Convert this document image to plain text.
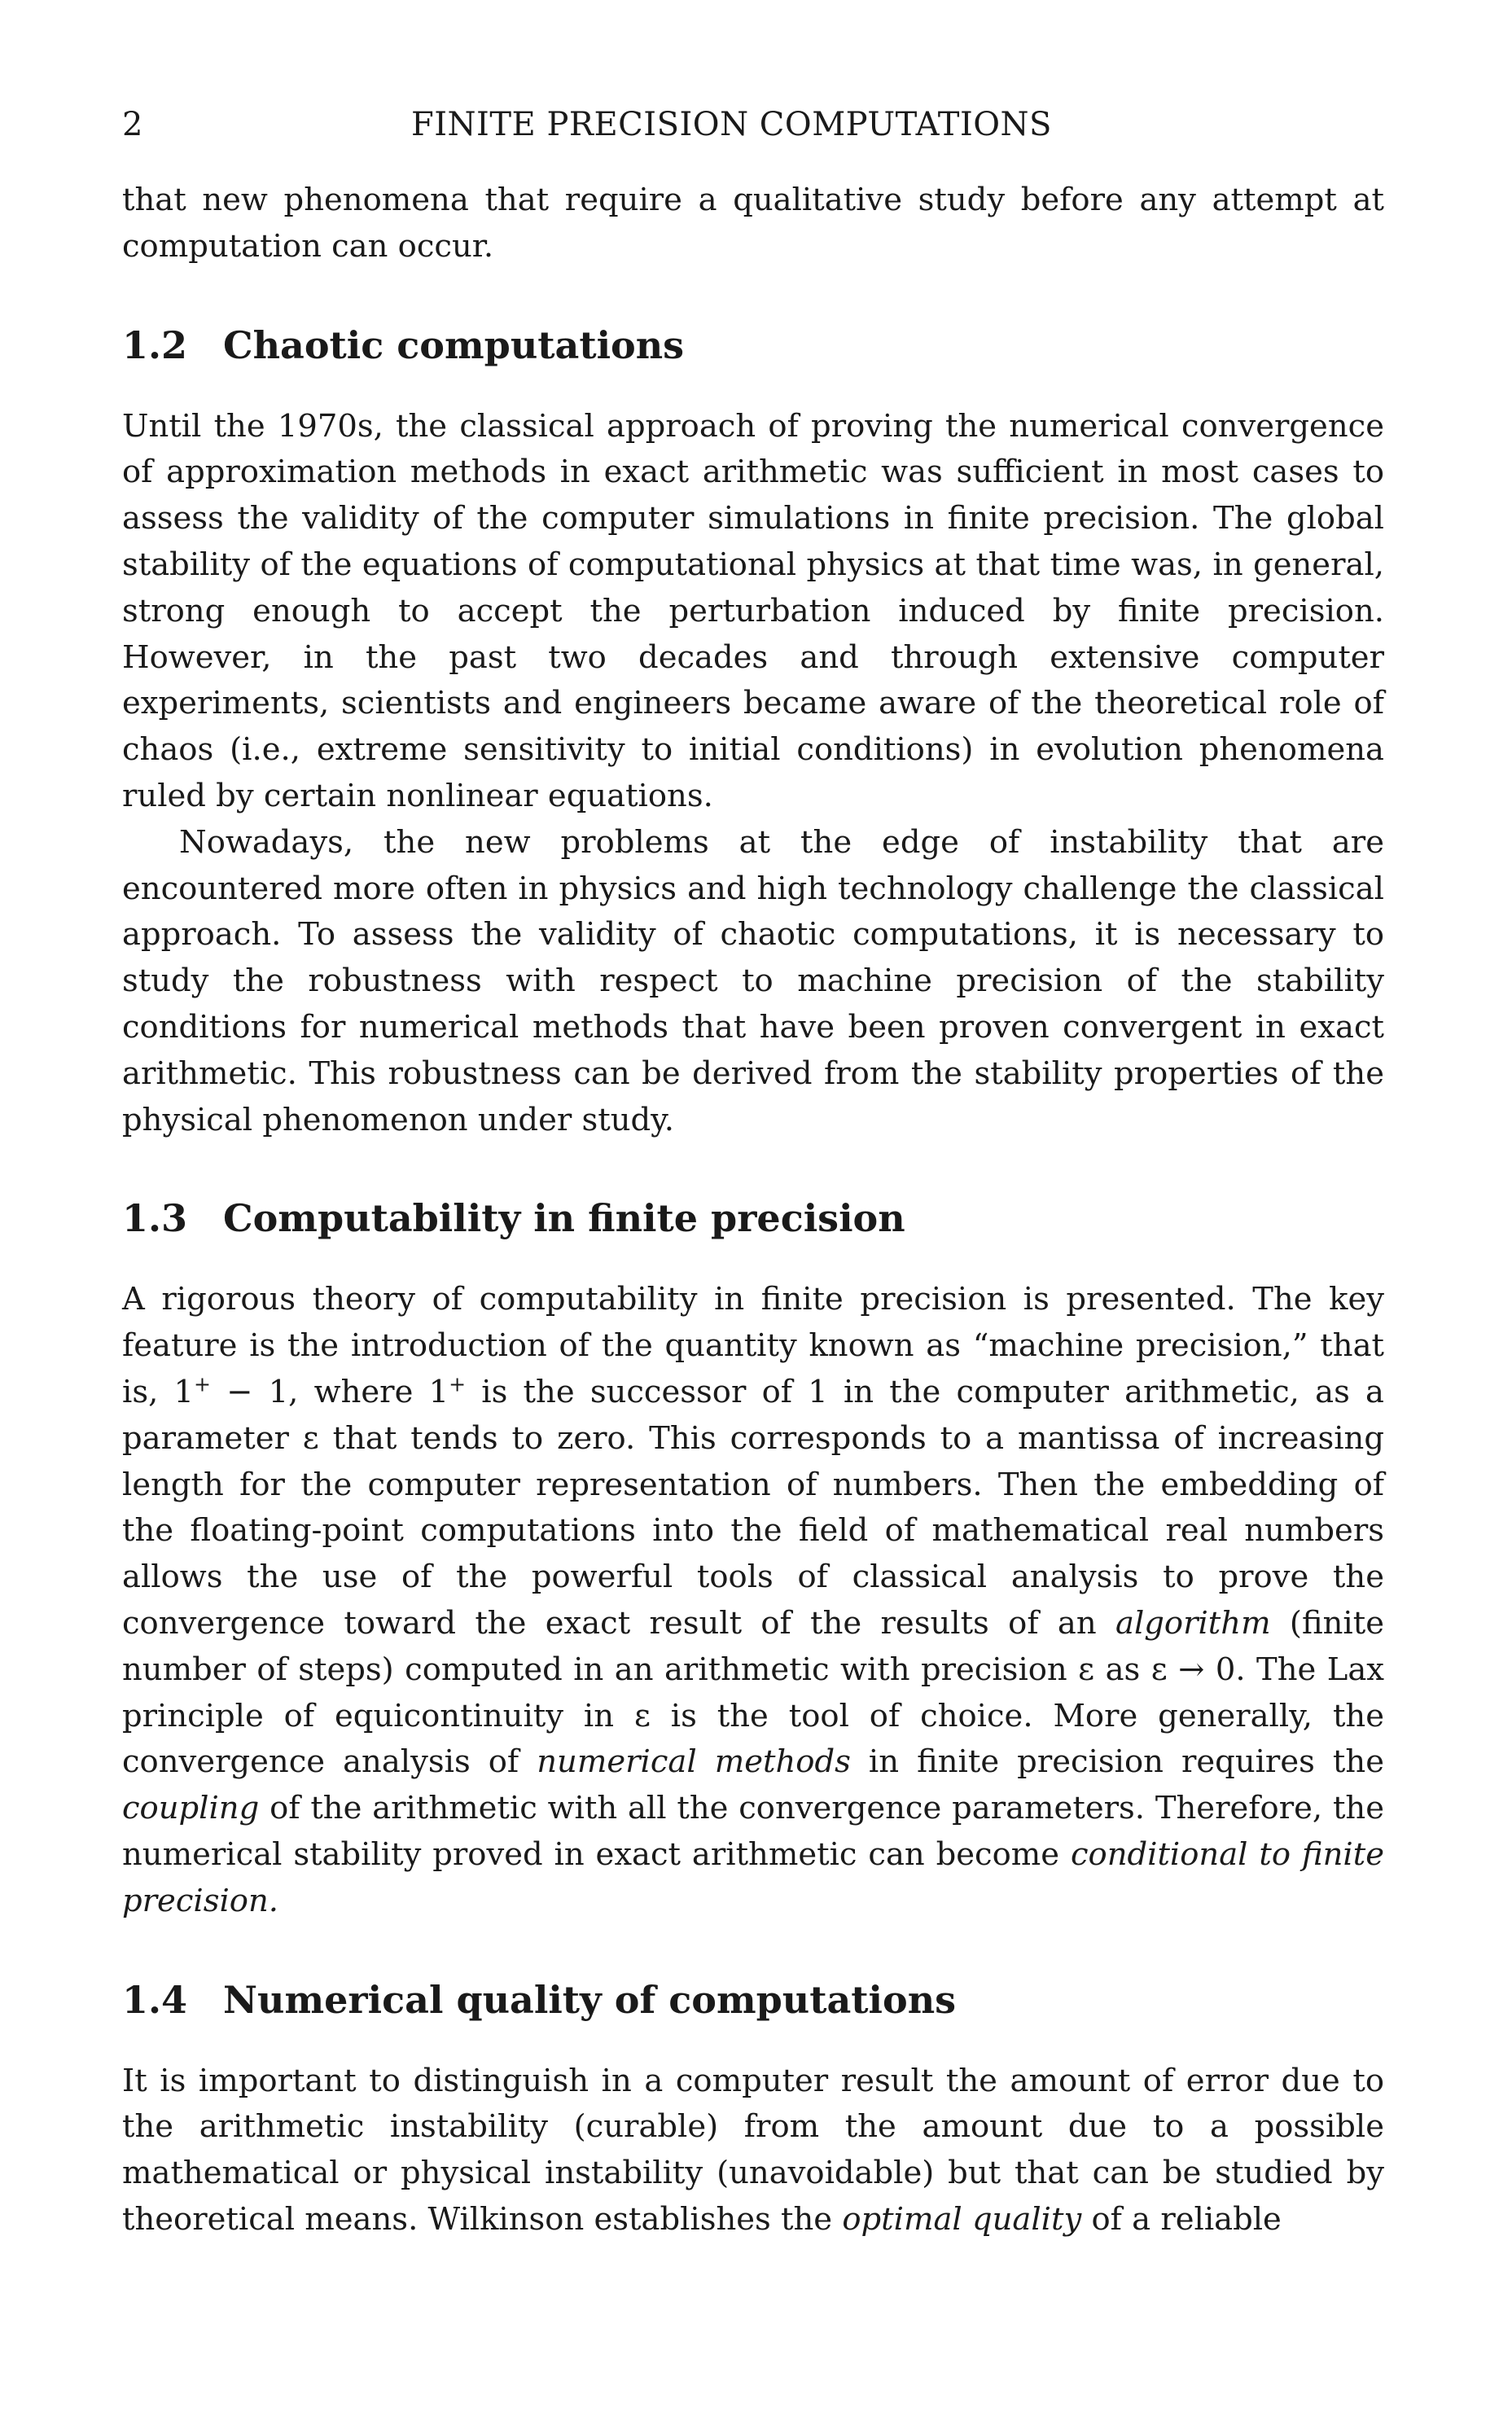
2	FINITE PRECISION COMPUTATIONS

that new phenomena that require a qualitative study before any attempt at computation can occur.

1.2 Chaotic computations

Until the 1970s, the classical approach of proving the numerical convergence of approximation methods in exact arithmetic was sufficient in most cases to assess the validity of the computer simulations in finite precision. The global stability of the equations of computational physics at that time was, in general, strong enough to accept the perturbation induced by finite precision. However, in the past two decades and through extensive computer experiments, scientists and engineers became aware of the theoretical role of chaos (i.e., extreme sensitivity to initial conditions) in evolution phenomena ruled by certain nonlinear equations.

Nowadays, the new problems at the edge of instability that are encountered more often in physics and high technology challenge the classical approach. To assess the validity of chaotic computations, it is necessary to study the robustness with respect to machine precision of the stability conditions for numerical methods that have been proven convergent in exact arithmetic. This robustness can be derived from the stability properties of the physical phenomenon under study.

1.3 Computability in finite precision

A rigorous theory of computability in finite precision is presented. The key feature is the introduction of the quantity known as “machine precision,” that is, 1+ − 1, where 1+ is the successor of 1 in the computer arithmetic, as a parameter ε that tends to zero. This corresponds to a mantissa of increasing length for the computer representation of numbers. Then the embedding of the floating-point computations into the field of mathematical real numbers allows the use of the powerful tools of classical analysis to prove the convergence toward the exact result of the results of an algorithm (finite number of steps) computed in an arithmetic with precision ε as ε → 0. The Lax principle of equicontinuity in ε is the tool of choice. More generally, the convergence analysis of numerical methods in finite precision requires the coupling of the arithmetic with all the convergence parameters. Therefore, the numerical stability proved in exact arithmetic can become conditional to finite precision.

1.4 Numerical quality of computations

It is important to distinguish in a computer result the amount of error due to the arithmetic instability (curable) from the amount due to a possible mathematical or physical instability (unavoidable) but that can be studied by theoretical means. Wilkinson establishes the optimal quality of a reliable
